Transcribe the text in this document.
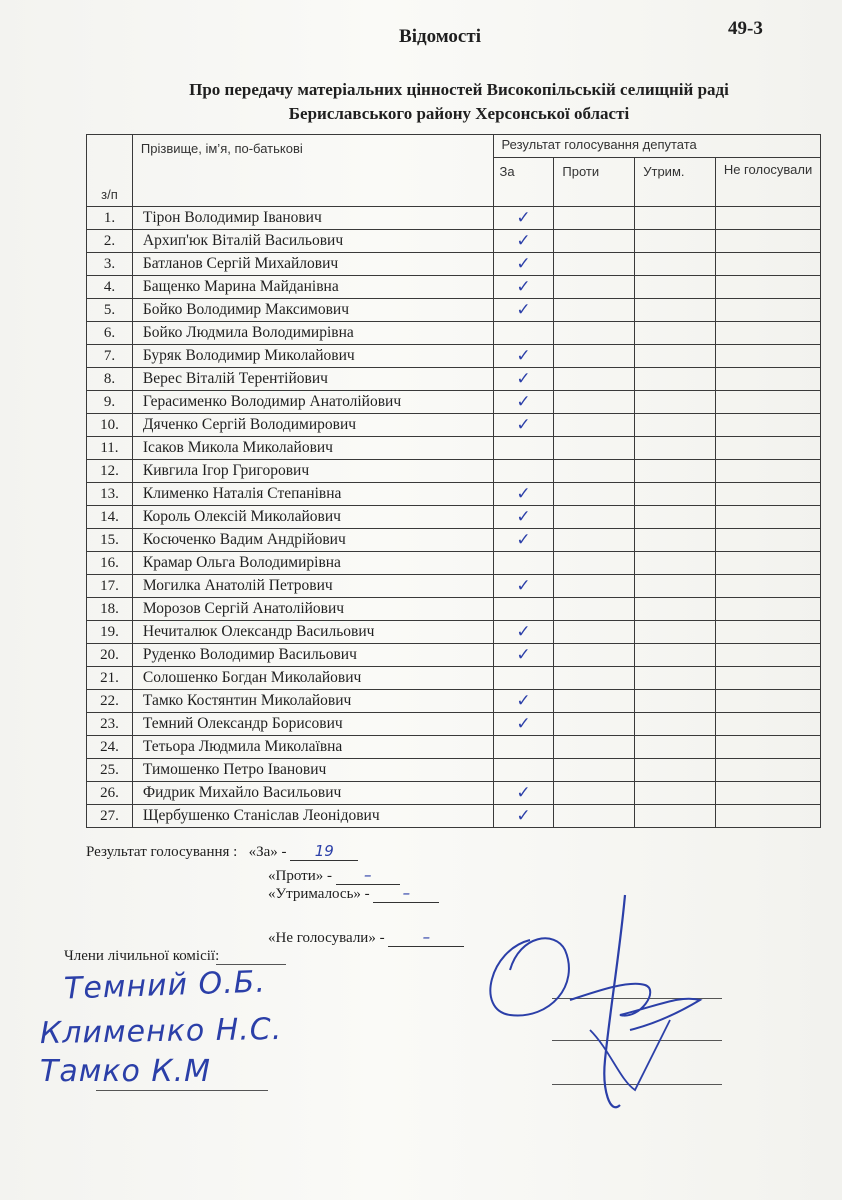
Відомості	49-3
Про передачу матеріальних цінностей Високопільській селищній раді
Бериславського району Херсонської області
з/п	Прізвище, ім’я, по-батькові	Результат голосування депутата			
		За	Проти	Утрим.	Не голосували
1.	Тірон Володимир Іванович	✓			
2.	Архип'юк Віталій Васильович	✓			
3.	Батланов Сергій Михайлович	✓			
4.	Бащенко Марина Майданівна	✓			
5.	Бойко Володимир Максимович	✓			
6.	Бойко Людмила Володимирівна				
7.	Буряк Володимир Миколайович	✓			
8.	Верес Віталій Терентійович	✓			
9.	Герасименко Володимир Анатолійович	✓			
10.	Дяченко Сергій Володимирович	✓			
11.	Ісаков Микола Миколайович				
12.	Кивгила Ігор Григорович				
13.	Клименко Наталія Степанівна	✓			
14.	Король Олексій Миколайович	✓			
15.	Косюченко Вадим Андрійович	✓			
16.	Крамар Ольга Володимирівна				
17.	Могилка Анатолій Петрович	✓			
18.	Морозов Сергій Анатолійович				
19.	Нечиталюк Олександр Васильович	✓			
20.	Руденко Володимир Васильович	✓			
21.	Солошенко Богдан Миколайович				
22.	Тамко Костянтин Миколайович	✓			
23.	Темний Олександр Борисович	✓			
24.	Тетьора Людмила Миколаївна				
25.	Тимошенко Петро Іванович				
26.	Фидрик Михайло Васильович	✓			
27.	Щербушенко Станіслав Леонідович	✓			
Результат голосування : «За» - 19
«Проти» - –
«Утрималось» - –
«Не голосували» -	–
Члени лічильної комісії:
Темний О.Б.
Клименко Н.С.
Тамко К.М
